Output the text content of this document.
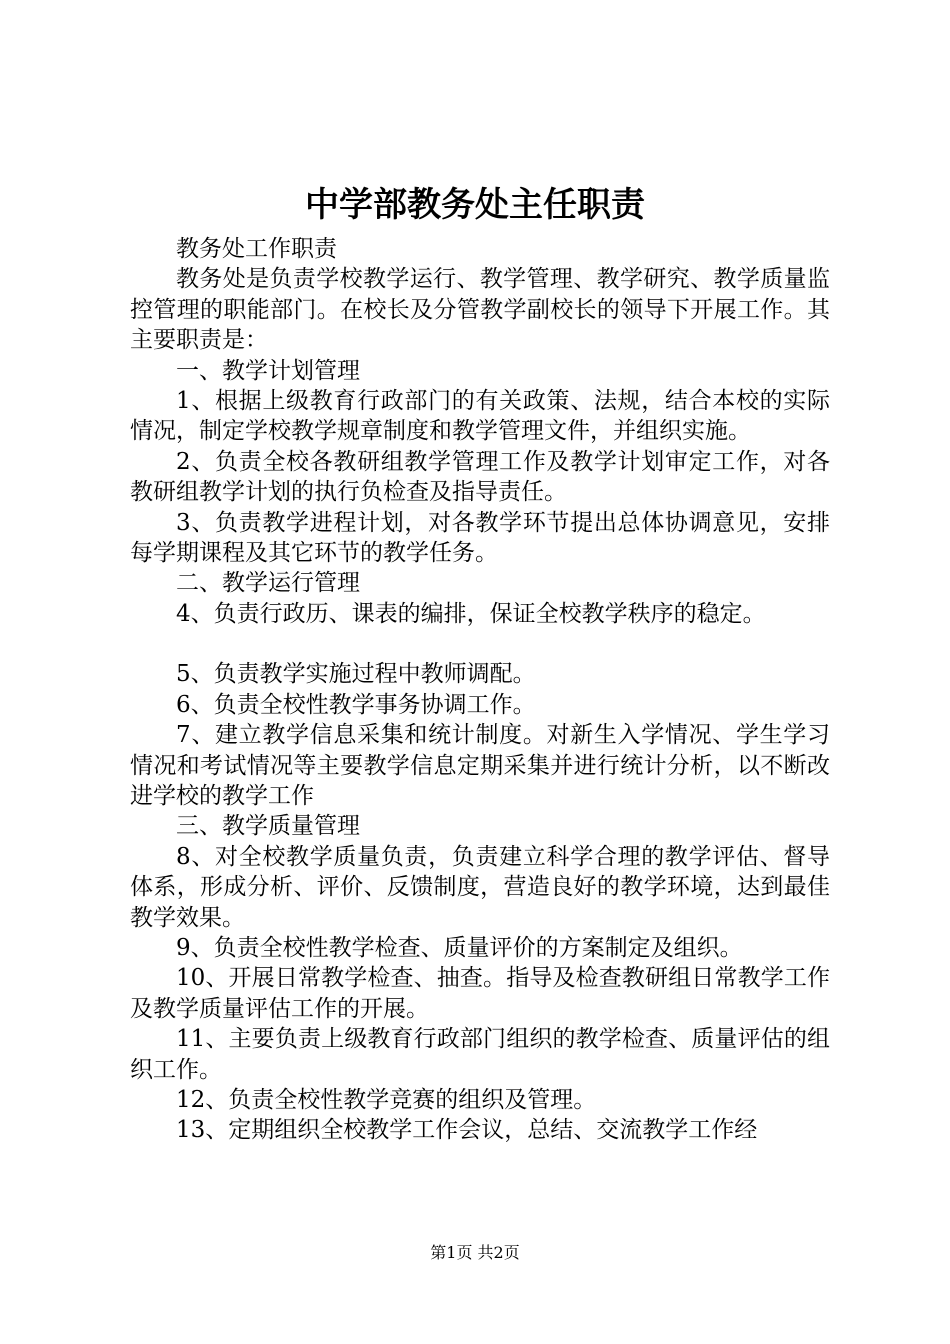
中学部教务处主任职责

教务处工作职责

教务处是负责学校教学运行、教学管理、教学研究、教学质量监控管理的职能部门。在校长及分管教学副校长的领导下开展工作。其主要职责是：

一、教学计划管理

1、根据上级教育行政部门的有关政策、法规，结合本校的实际情况，制定学校教学规章制度和教学管理文件，并组织实施。

2、负责全校各教研组教学管理工作及教学计划审定工作，对各教研组教学计划的执行负检查及指导责任。

3、负责教学进程计划，对各教学环节提出总体协调意见，安排每学期课程及其它环节的教学任务。

二、教学运行管理

4、负责行政历、课表的编排，保证全校教学秩序的稳定。

5、负责教学实施过程中教师调配。

6、负责全校性教学事务协调工作。

7、建立教学信息采集和统计制度。对新生入学情况、学生学习情况和考试情况等主要教学信息定期采集并进行统计分析，以不断改进学校的教学工作

三、教学质量管理

8、对全校教学质量负责，负责建立科学合理的教学评估、督导体系，形成分析、评价、反馈制度，营造良好的教学环境，达到最佳教学效果。

9、负责全校性教学检查、质量评价的方案制定及组织。

10、开展日常教学检查、抽查。指导及检查教研组日常教学工作及教学质量评估工作的开展。

11、主要负责上级教育行政部门组织的教学检查、质量评估的组织工作。

12、负责全校性教学竞赛的组织及管理。

13、定期组织全校教学工作会议，总结、交流教学工作经

第1页 共2页
